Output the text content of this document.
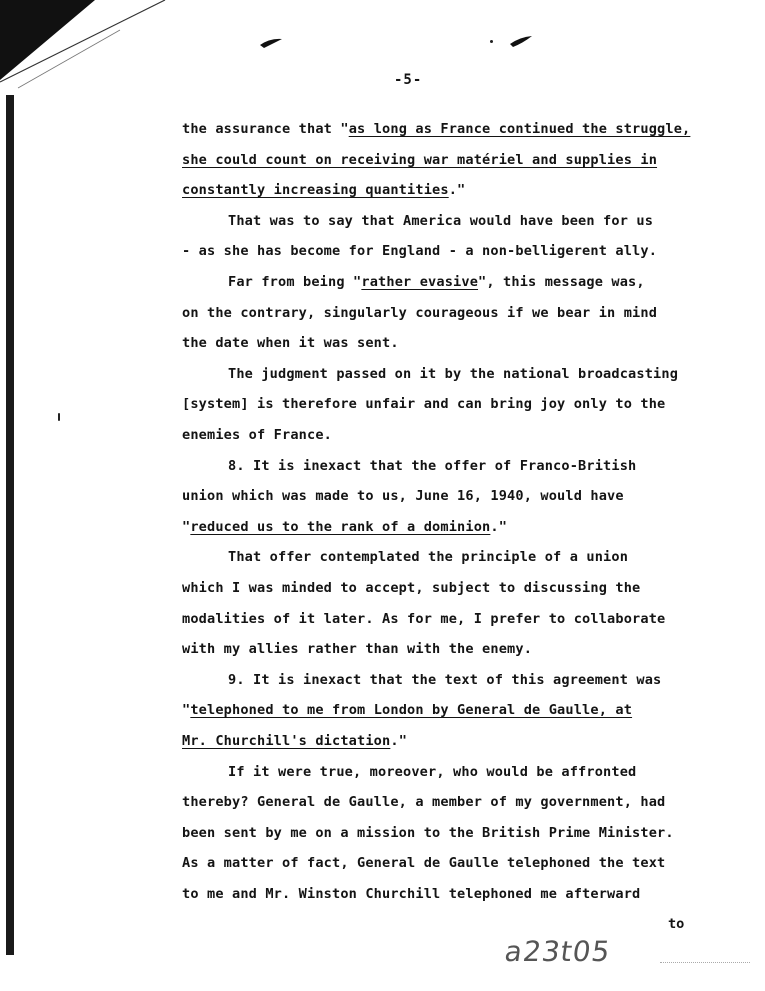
-5-
the assurance that "as long as France continued the struggle,
she could count on receiving war matériel and supplies in
constantly increasing quantities."
That was to say that America would have been for us
- as she has become for England - a non-belligerent ally.
Far from being "rather evasive", this message was,
on the contrary, singularly courageous if we bear in mind
the date when it was sent.
The judgment passed on it by the national broadcasting
[system] is therefore unfair and can bring joy only to the
enemies of France.
8. It is inexact that the offer of Franco-British
union which was made to us, June 16, 1940, would have
"reduced us to the rank of a dominion."
That offer contemplated the principle of a union
which I was minded to accept, subject to discussing the
modalities of it later. As for me, I prefer to collaborate
with my allies rather than with the enemy.
9. It is inexact that the text of this agreement was
"telephoned to me from London by General de Gaulle, at
Mr. Churchill's dictation."
If it were true, moreover, who would be affronted
thereby? General de Gaulle, a member of my government, had
been sent by me on a mission to the British Prime Minister.
As a matter of fact, General de Gaulle telephoned the text
to me and Mr. Winston Churchill telephoned me afterward
to
a23t05
